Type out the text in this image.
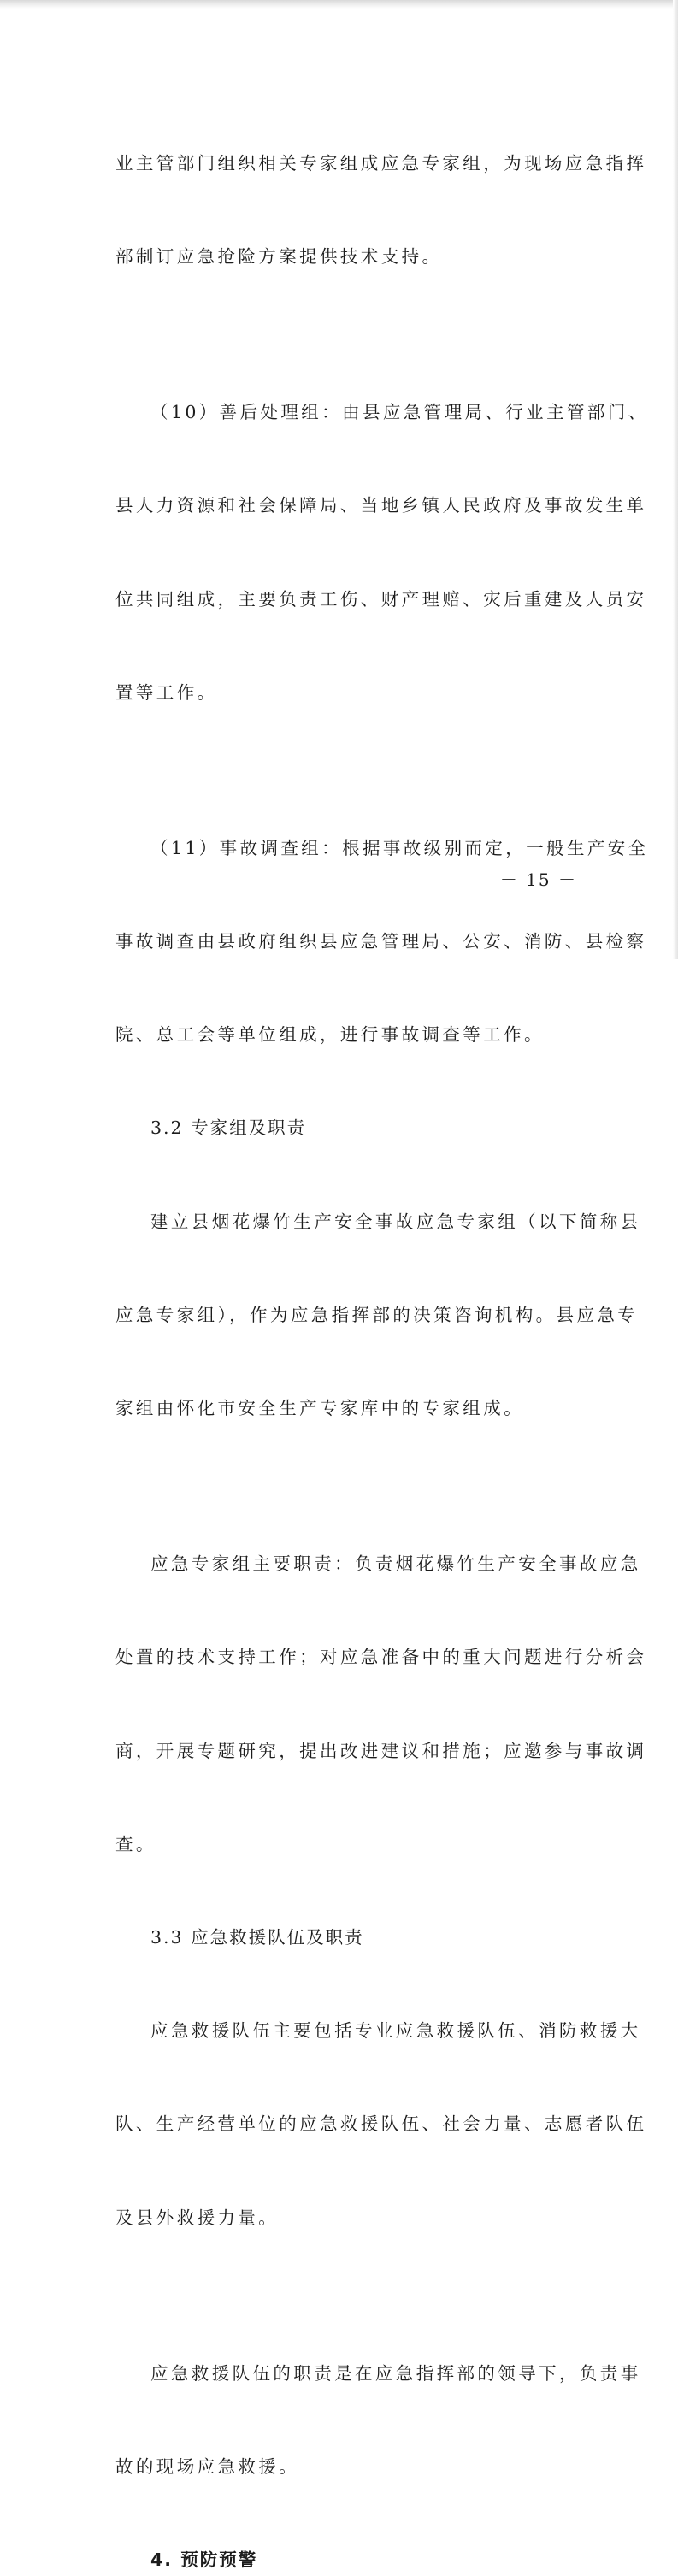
业主管部门组织相关专家组成应急专家组，为现场应急指挥

部制订应急抢险方案提供技术支持。

（10）善后处理组：由县应急管理局、行业主管部门、

县人力资源和社会保障局、当地乡镇人民政府及事故发生单

位共同组成，主要负责工伤、财产理赔、灾后重建及人员安

置等工作。

（11）事故调查组：根据事故级别而定，一般生产安全

事故调查由县政府组织县应急管理局、公安、消防、县检察

院、总工会等单位组成，进行事故调查等工作。

3.2 专家组及职责

建立县烟花爆竹生产安全事故应急专家组（以下简称县

应急专家组），作为应急指挥部的决策咨询机构。县应急专

家组由怀化市安全生产专家库中的专家组成。

应急专家组主要职责：负责烟花爆竹生产安全事故应急

处置的技术支持工作；对应急准备中的重大问题进行分析会

商，开展专题研究，提出改进建议和措施；应邀参与事故调

查。

3.3 应急救援队伍及职责

应急救援队伍主要包括专业应急救援队伍、消防救援大

队、生产经营单位的应急救援队伍、社会力量、志愿者队伍

及县外救援力量。

应急救援队伍的职责是在应急指挥部的领导下，负责事

故的现场应急救援。

4. 预防预警

－ 15 －
